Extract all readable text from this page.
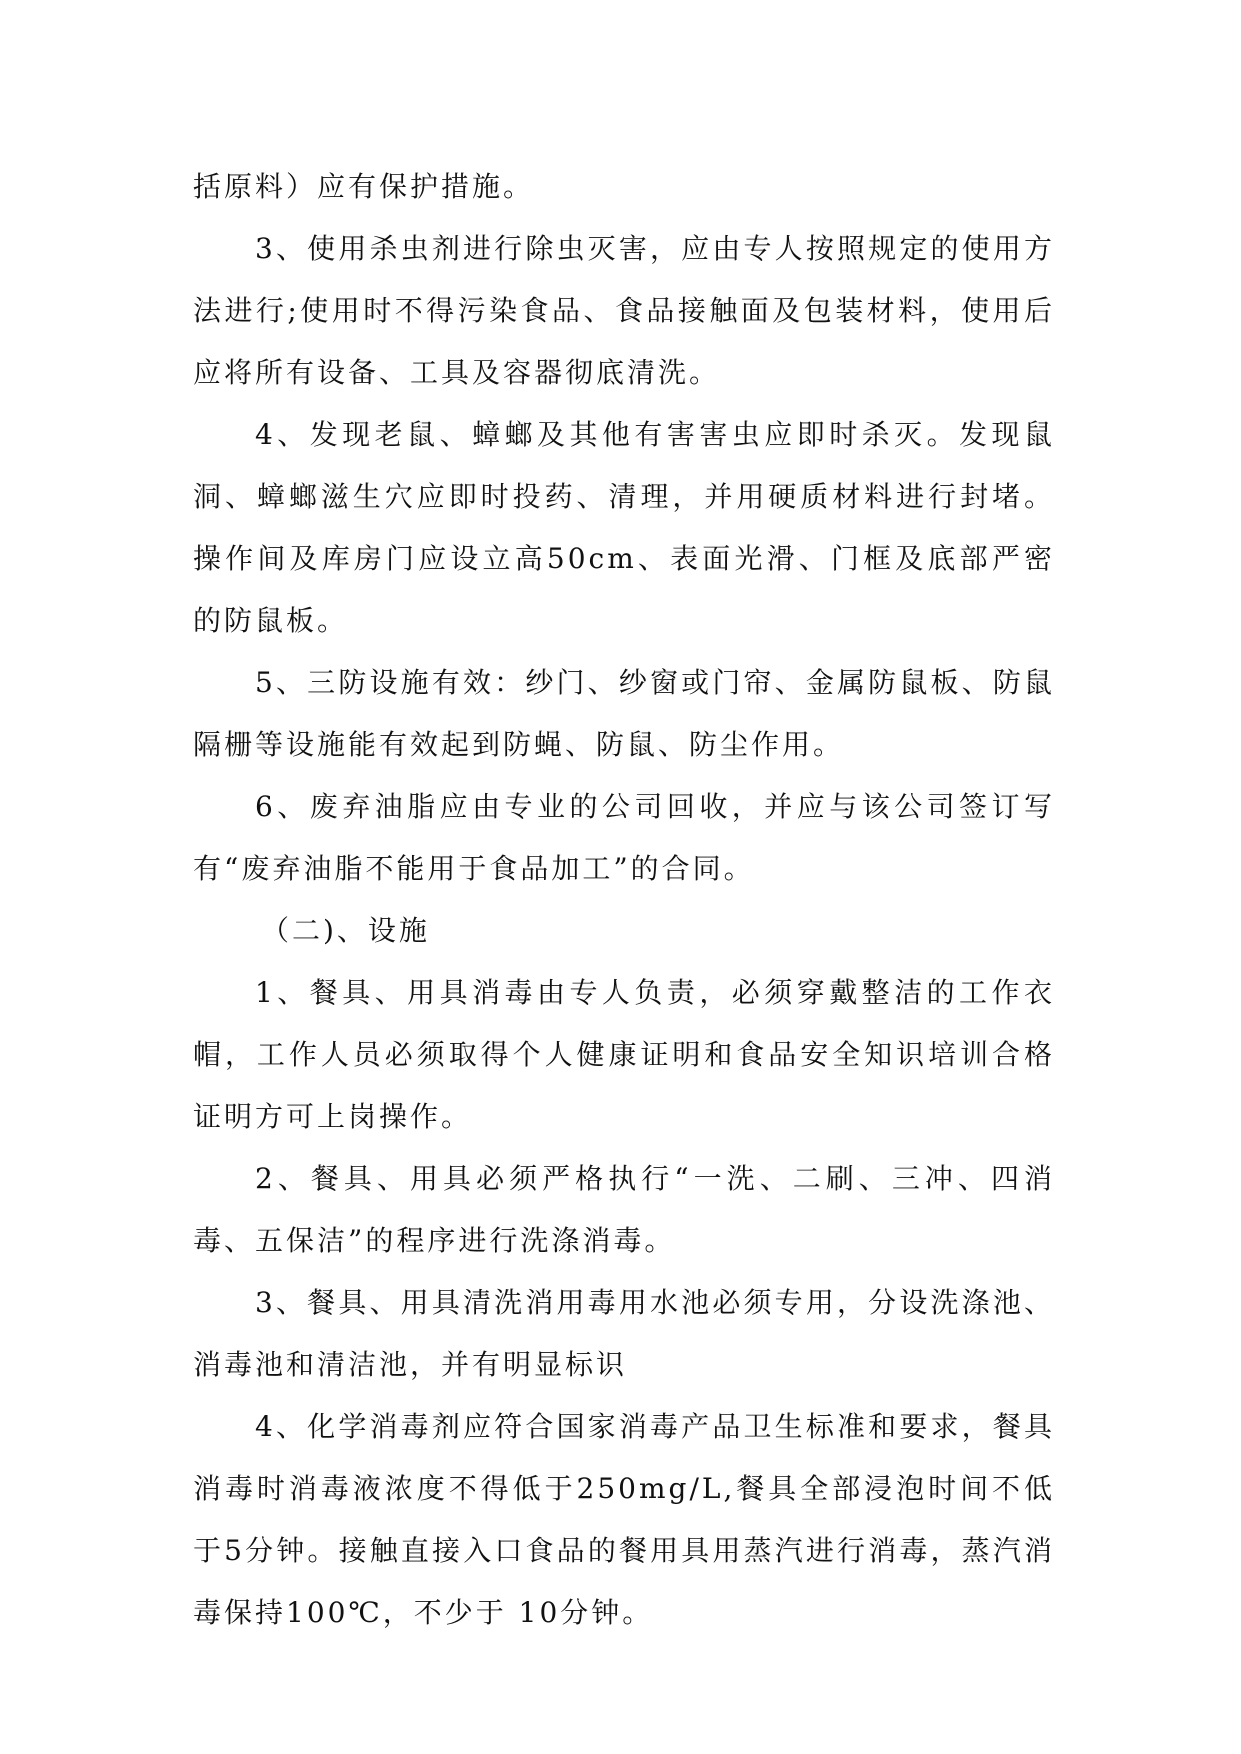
括原料）应有保护措施。

3、使用杀虫剂进行除虫灭害，应由专人按照规定的使用方法进行;使用时不得污染食品、食品接触面及包装材料，使用后应将所有设备、工具及容器彻底清洗。

4、发现老鼠、蟑螂及其他有害害虫应即时杀灭。发现鼠洞、蟑螂滋生穴应即时投药、清理，并用硬质材料进行封堵。操作间及库房门应设立高50cm、表面光滑、门框及底部严密的防鼠板。

5、三防设施有效：纱门、纱窗或门帘、金属防鼠板、防鼠隔栅等设施能有效起到防蝇、防鼠、防尘作用。

6、废弃油脂应由专业的公司回收，并应与该公司签订写有“废弃油脂不能用于食品加工”的合同。

（二)、设施

1、餐具、用具消毒由专人负责，必须穿戴整洁的工作衣帽，工作人员必须取得个人健康证明和食品安全知识培训合格证明方可上岗操作。

2、餐具、用具必须严格执行“一洗、二刷、三冲、四消毒、五保洁”的程序进行洗涤消毒。

3、餐具、用具清洗消用毒用水池必须专用，分设洗涤池、消毒池和清洁池，并有明显标识

4、化学消毒剂应符合国家消毒产品卫生标准和要求，餐具消毒时消毒液浓度不得低于250mg/L,餐具全部浸泡时间不低于5分钟。接触直接入口食品的餐用具用蒸汽进行消毒，蒸汽消毒保持100℃，不少于 10分钟。
